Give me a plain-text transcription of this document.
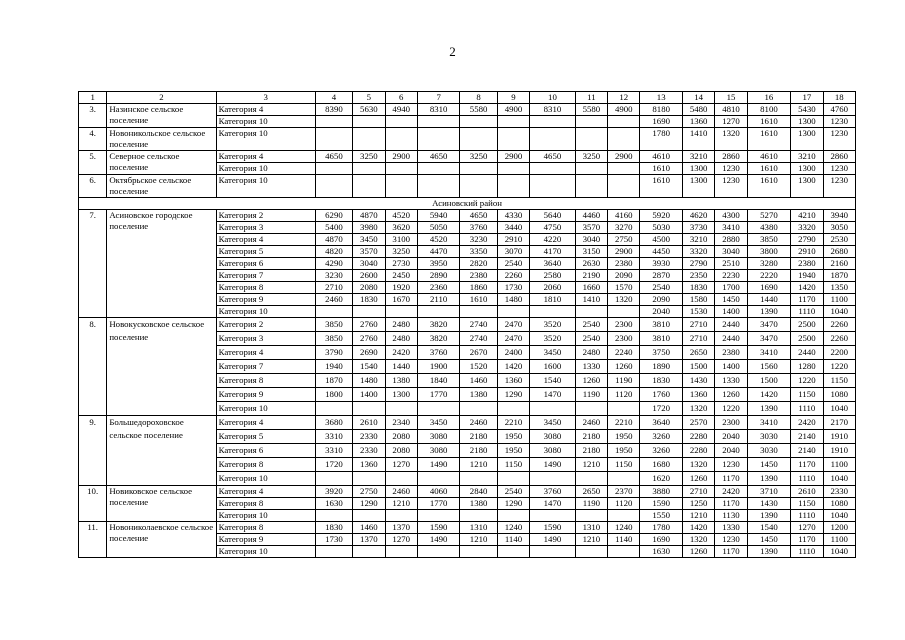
2
1	2	3	4	5	6	7	8	9	10	11	12	13	14	15	16	17	18
3.	Назинское сельское поселение	Категория 4	8390	5630	4940	8310	5580	4900	8310	5580	4900	8180	5480	4810	8100	5430	4760
		Категория 10										1690	1360	1270	1610	1300	1230
4.	Новоникольское сельское поселение	Категория 10										1780	1410	1320	1610	1300	1230
5.	Северное сельское поселение	Категория 4	4650	3250	2900	4650	3250	2900	4650	3250	2900	4610	3210	2860	4610	3210	2860
		Категория 10										1610	1300	1230	1610	1300	1230
6.	Октябрьское сельское поселение	Категория 10										1610	1300	1230	1610	1300	1230
Асиновский район																	
7.	Асиновское городское поселение	Категория 2	6290	4870	4520	5940	4650	4330	5640	4460	4160	5920	4620	4300	5270	4210	3940
		Категория 3	5400	3980	3620	5050	3760	3440	4750	3570	3270	5030	3730	3410	4380	3320	3050
		Категория 4	4870	3450	3100	4520	3230	2910	4220	3040	2750	4500	3210	2880	3850	2790	2530
		Категория 5	4820	3570	3250	4470	3350	3070	4170	3150	2900	4450	3320	3040	3800	2910	2680
		Категория 6	4290	3040	2730	3950	2820	2540	3640	2630	2380	3930	2790	2510	3280	2380	2160
		Категория 7	3230	2600	2450	2890	2380	2260	2580	2190	2090	2870	2350	2230	2220	1940	1870
		Категория 8	2710	2080	1920	2360	1860	1730	2060	1660	1570	2540	1830	1700	1690	1420	1350
		Категория 9	2460	1830	1670	2110	1610	1480	1810	1410	1320	2090	1580	1450	1440	1170	1100
		Категория 10										2040	1530	1400	1390	1110	1040
8.	Новокусковское сельское поселение	Категория 2	3850	2760	2480	3820	2740	2470	3520	2540	2300	3810	2710	2440	3470	2500	2260
		Категория 3	3850	2760	2480	3820	2740	2470	3520	2540	2300	3810	2710	2440	3470	2500	2260
		Категория 4	3790	2690	2420	3760	2670	2400	3450	2480	2240	3750	2650	2380	3410	2440	2200
		Категория 7	1940	1540	1440	1900	1520	1420	1600	1330	1260	1890	1500	1400	1560	1280	1220
		Категория 8	1870	1480	1380	1840	1460	1360	1540	1260	1190	1830	1430	1330	1500	1220	1150
		Категория 9	1800	1400	1300	1770	1380	1290	1470	1190	1120	1760	1360	1260	1420	1150	1080
		Категория 10										1720	1320	1220	1390	1110	1040
9.	Большедороховское сельское поселение	Категория 4	3680	2610	2340	3450	2460	2210	3450	2460	2210	3640	2570	2300	3410	2420	2170
		Категория 5	3310	2330	2080	3080	2180	1950	3080	2180	1950	3260	2280	2040	3030	2140	1910
		Категория 6	3310	2330	2080	3080	2180	1950	3080	2180	1950	3260	2280	2040	3030	2140	1910
		Категория 8	1720	1360	1270	1490	1210	1150	1490	1210	1150	1680	1320	1230	1450	1170	1100
		Категория 10										1620	1260	1170	1390	1110	1040
10.	Новиковское сельское поселение	Категория 4	3920	2750	2460	4060	2840	2540	3760	2650	2370	3880	2710	2420	3710	2610	2330
		Категория 8	1630	1290	1210	1770	1380	1290	1470	1190	1120	1590	1250	1170	1430	1150	1080
		Категория 10										1550	1210	1130	1390	1110	1040
11.	Новониколаевское сельское поселение	Категория 8	1830	1460	1370	1590	1310	1240	1590	1310	1240	1780	1420	1330	1540	1270	1200
		Категория 9	1730	1370	1270	1490	1210	1140	1490	1210	1140	1690	1320	1230	1450	1170	1100
		Категория 10										1630	1260	1170	1390	1110	1040
